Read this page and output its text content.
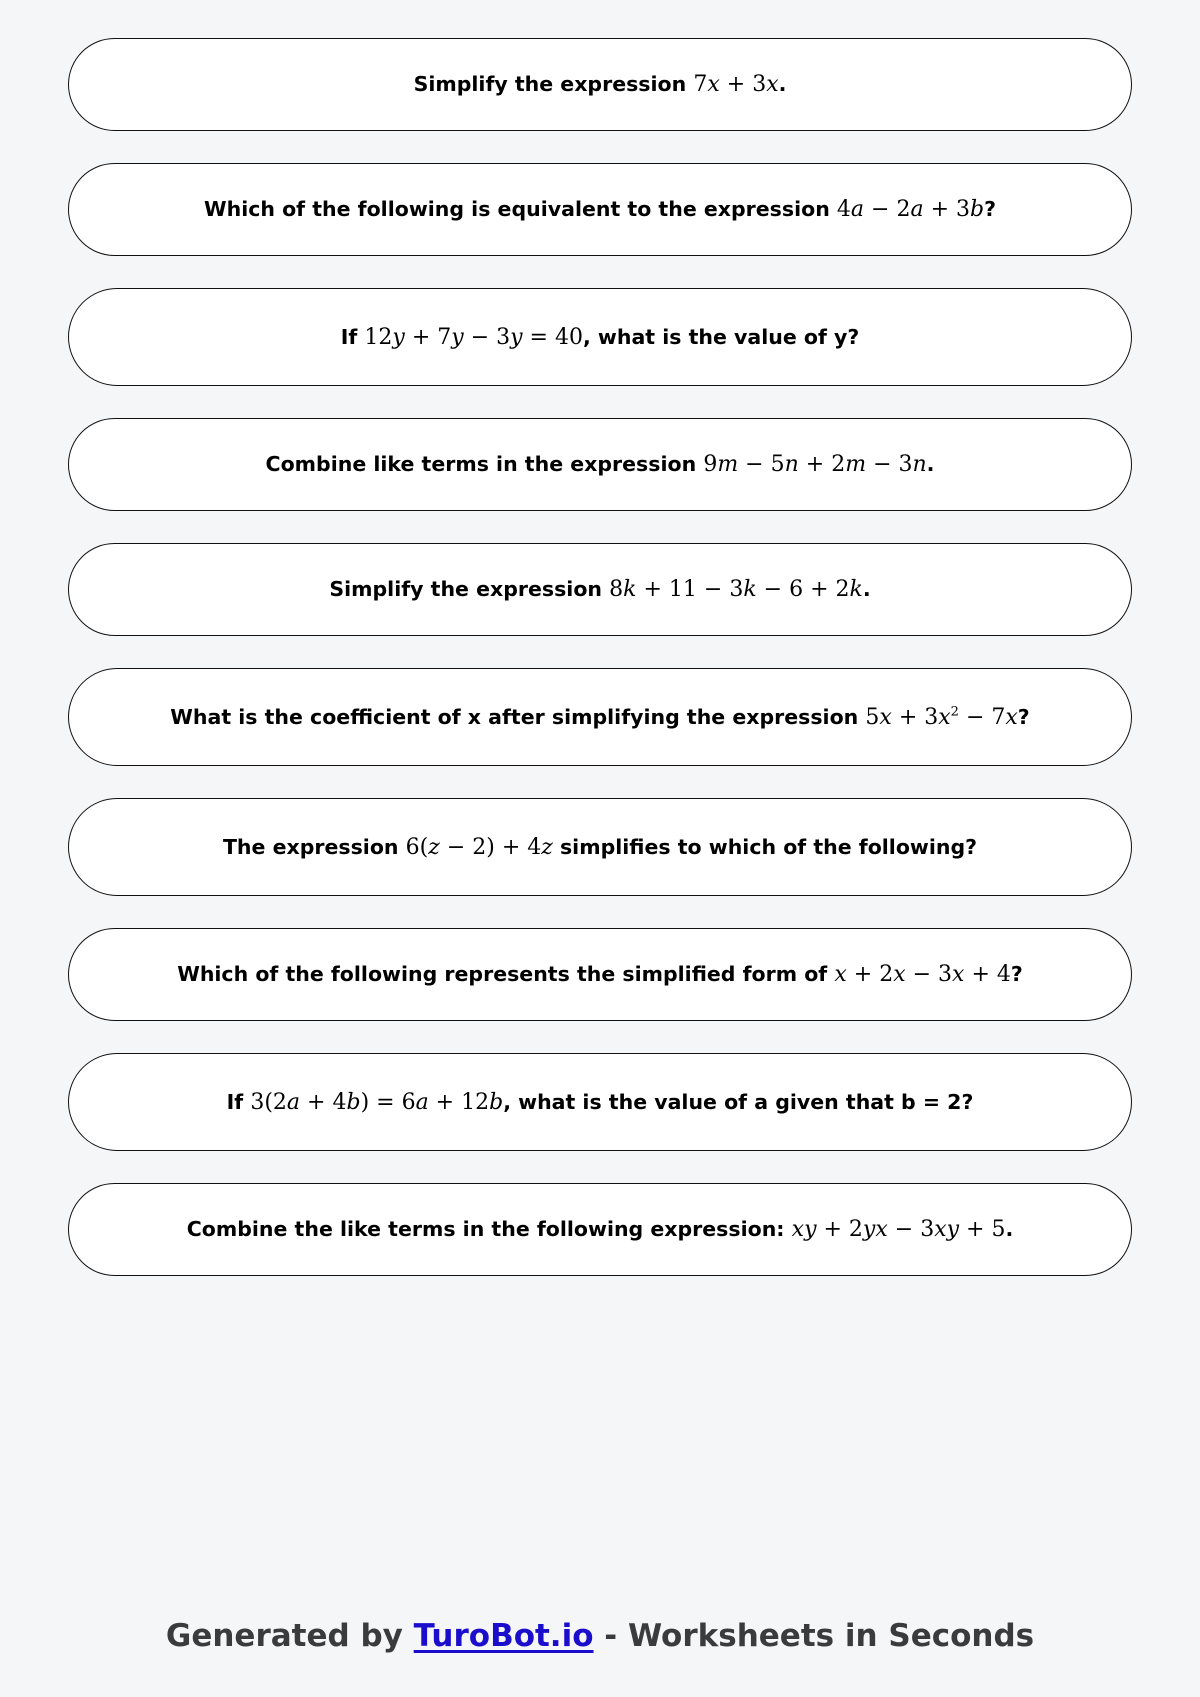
Simplify the expression 7x + 3x.
Which of the following is equivalent to the expression 4a − 2a + 3b?
If 12y + 7y − 3y = 40, what is the value of y?
Combine like terms in the expression 9m − 5n + 2m − 3n.
Simplify the expression 8k + 11 − 3k − 6 + 2k.
What is the coefficient of x after simplifying the expression $5x + 3x^2 - 7x$?
The expression 6(z − 2) + 4z simplifies to which of the following?
Which of the following represents the simplified form of x + 2x − 3x + 4?
If 3(2a + 4b) = 6a + 12b, what is the value of a given that b = 2?
Combine the like terms in the following expression: xy + 2yx − 3xy + 5.
Generated by TuroBot.io - Worksheets in Seconds
